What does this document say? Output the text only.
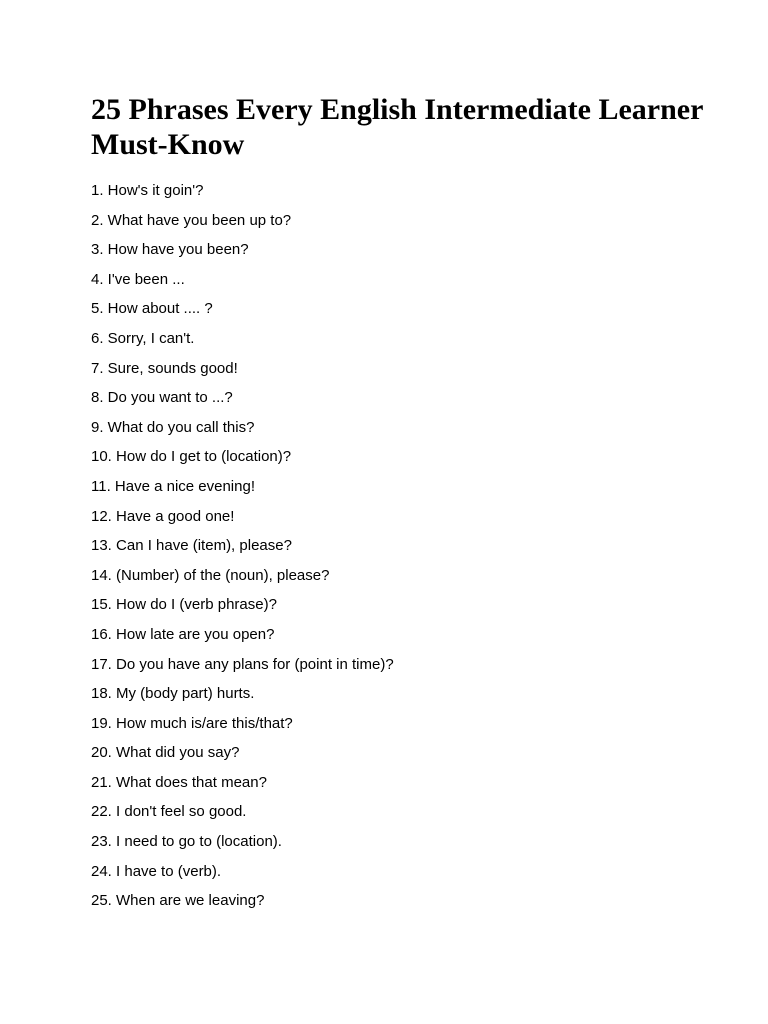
25 Phrases Every English Intermediate Learner Must-Know
1. How's it goin'?
2. What have you been up to?
3. How have you been?
4. I've been ...
5. How about .... ?
6. Sorry, I can't.
7. Sure, sounds good!
8. Do you want to ...?
9. What do you call this?
10. How do I get to (location)?
11. Have a nice evening!
12. Have a good one!
13. Can I have (item), please?
14. (Number) of the (noun), please?
15. How do I (verb phrase)?
16. How late are you open?
17. Do you have any plans for (point in time)?
18. My (body part) hurts.
19. How much is/are this/that?
20. What did you say?
21. What does that mean?
22. I don't feel so good.
23. I need to go to (location).
24. I have to (verb).
25. When are we leaving?
